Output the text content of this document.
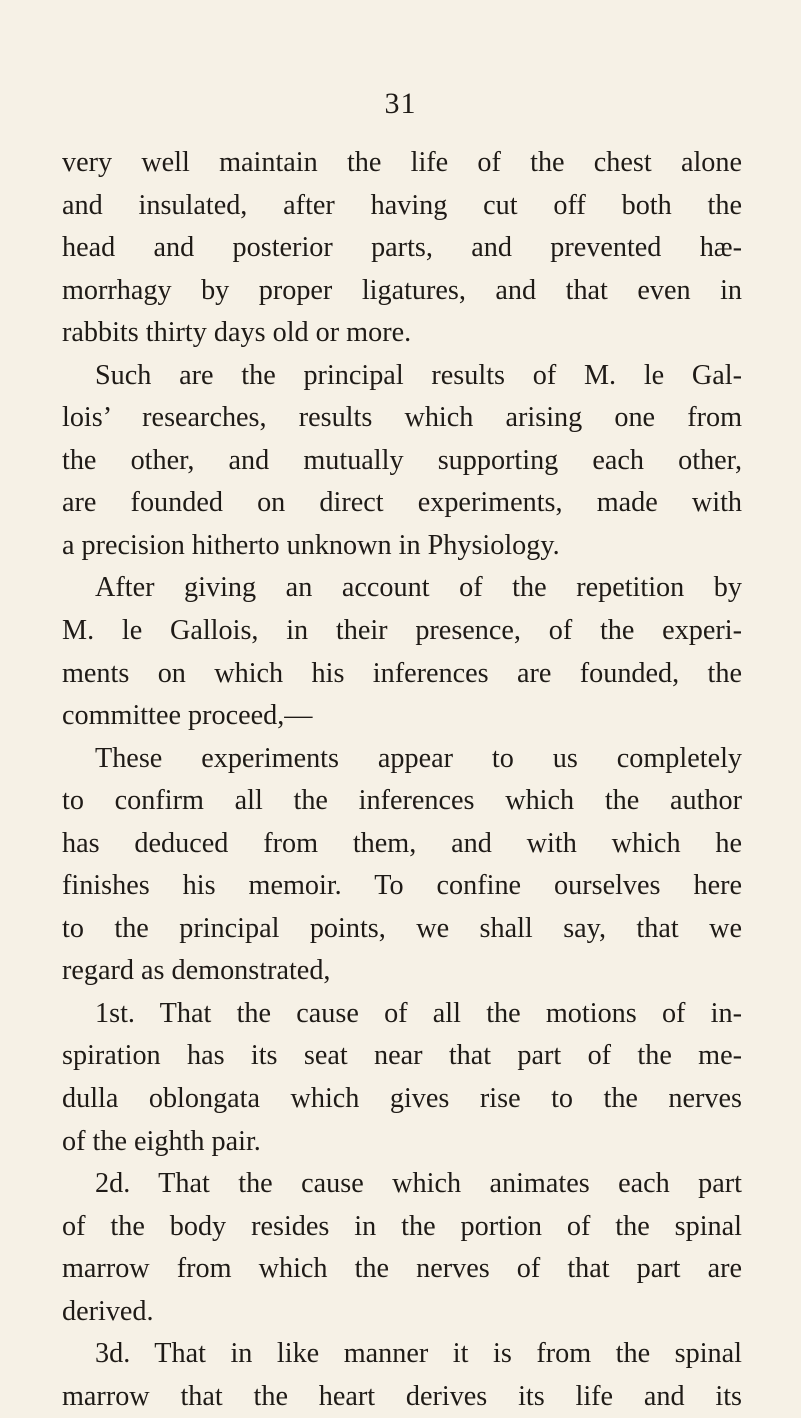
31
very well maintain the life of the chest alone
and insulated, after having cut off both the
head and posterior parts, and prevented hæ-
morrhagy by proper ligatures, and that even in
rabbits thirty days old or more.
Such are the principal results of M. le Gal-
lois’ researches, results which arising one from
the other, and mutually supporting each other,
are founded on direct experiments, made with
a precision hitherto unknown in Physiology.
After giving an account of the repetition by
M. le Gallois, in their presence, of the experi-
ments on which his inferences are founded, the
committee proceed,—
These experiments appear to us completely
to confirm all the inferences which the author
has deduced from them, and with which he
finishes his memoir. To confine ourselves here
to the principal points, we shall say, that we
regard as demonstrated,
1st. That the cause of all the motions of in-
spiration has its seat near that part of the me-
dulla oblongata which gives rise to the nerves
of the eighth pair.
2d. That the cause which animates each part
of the body resides in the portion of the spinal
marrow from which the nerves of that part are
derived.
3d. That in like manner it is from the spinal
marrow that the heart derives its life and its
